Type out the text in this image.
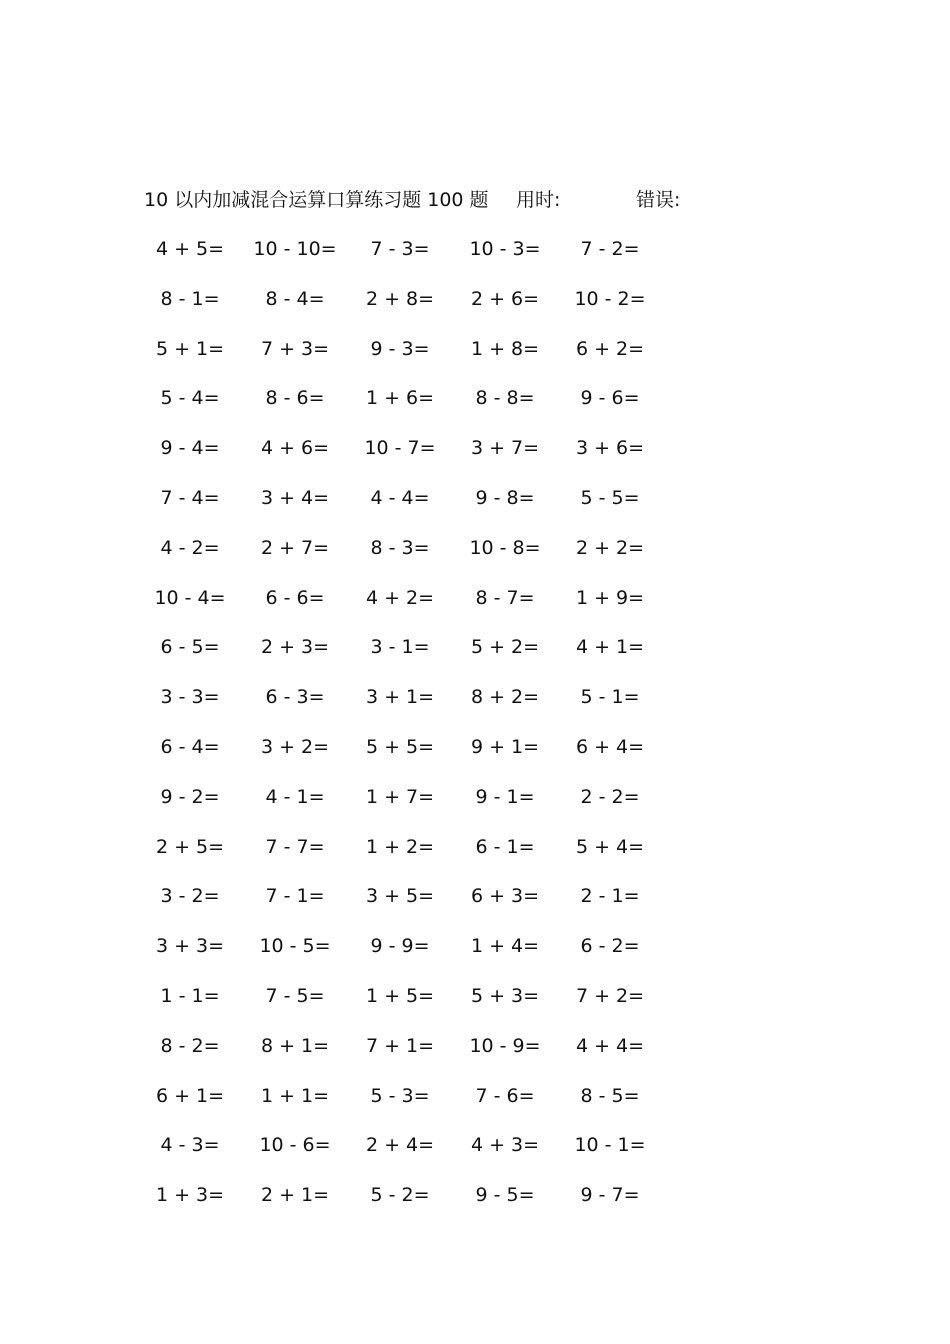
10 以内加减混合运算口算练习题 100 题 用时:	错误:
4 + 5=	10 - 10=	7 - 3=	10 - 3=	7 - 2=
8 - 1=	8 - 4=	2 + 8=	2 + 6=	10 - 2=
5 + 1=	7 + 3=	9 - 3=	1 + 8=	6 + 2=
5 - 4=	8 - 6=	1 + 6=	8 - 8=	9 - 6=
9 - 4=	4 + 6=	10 - 7=	3 + 7=	3 + 6=
7 - 4=	3 + 4=	4 - 4=	9 - 8=	5 - 5=
4 - 2=	2 + 7=	8 - 3=	10 - 8=	2 + 2=
10 - 4=	6 - 6=	4 + 2=	8 - 7=	1 + 9=
6 - 5=	2 + 3=	3 - 1=	5 + 2=	4 + 1=
3 - 3=	6 - 3=	3 + 1=	8 + 2=	5 - 1=
6 - 4=	3 + 2=	5 + 5=	9 + 1=	6 + 4=
9 - 2=	4 - 1=	1 + 7=	9 - 1=	2 - 2=
2 + 5=	7 - 7=	1 + 2=	6 - 1=	5 + 4=
3 - 2=	7 - 1=	3 + 5=	6 + 3=	2 - 1=
3 + 3=	10 - 5=	9 - 9=	1 + 4=	6 - 2=
1 - 1=	7 - 5=	1 + 5=	5 + 3=	7 + 2=
8 - 2=	8 + 1=	7 + 1=	10 - 9=	4 + 4=
6 + 1=	1 + 1=	5 - 3=	7 - 6=	8 - 5=
4 - 3=	10 - 6=	2 + 4=	4 + 3=	10 - 1=
1 + 3=	2 + 1=	5 - 2=	9 - 5=	9 - 7=
